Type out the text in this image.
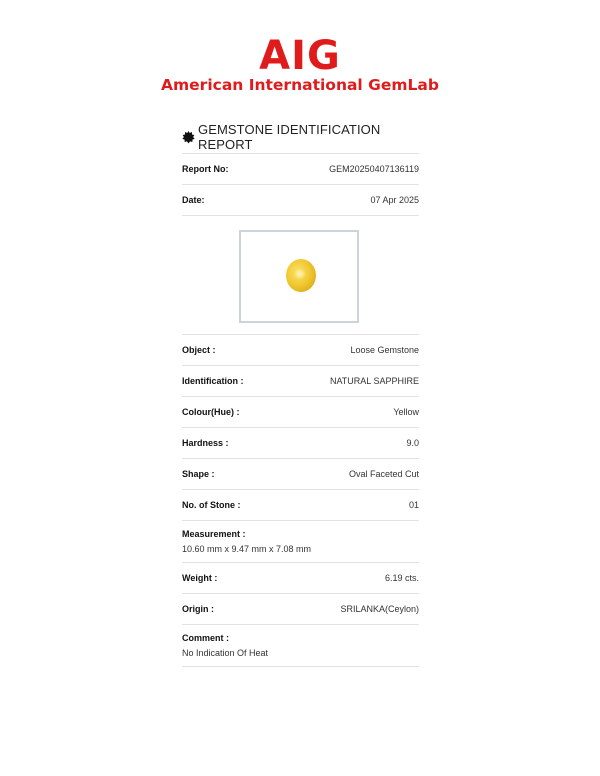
AIG
American International GemLab
GEMSTONE IDENTIFICATION REPORT
Report No:	GEM20250407136119
Date:	07 Apr 2025
Object :	Loose Gemstone
Identification :	NATURAL SAPPHIRE
Colour(Hue) :	Yellow
Hardness :	9.0
Shape :	Oval Faceted Cut
No. of Stone :	01
Measurement :
10.60 mm x 9.47 mm x 7.08 mm
Weight :	6.19 cts.
Origin :	SRILANKA(Ceylon)
Comment :
No Indication Of Heat
